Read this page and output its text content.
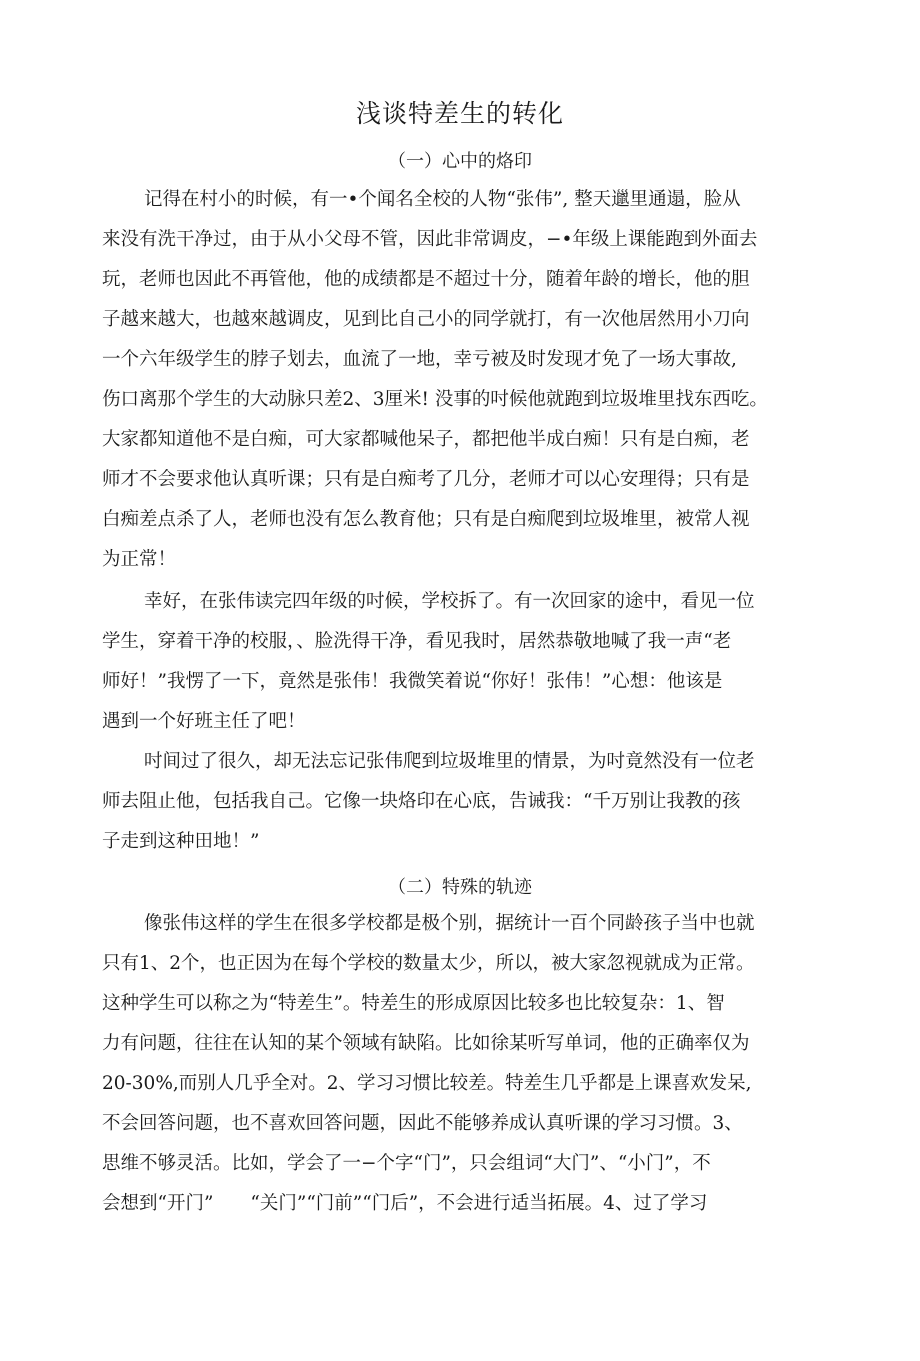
浅谈特差生的转化
（一）心中的烙印

记得在村小的时候，有一•个闻名全校的人物“张伟”, 整天邋里通遢，脸从

来没有洗干净过，由于从小父母不管，因此非常调皮，−•年级上课能跑到外面去

玩，老师也因此不再管他，他的成绩都是不超过十分，随着年龄的增长，他的胆

子越来越大，也越來越调皮，见到比自己小的同学就打，有一次他居然用小刀向

一个六年级学生的脖子划去，血流了一地，幸亏被及时发现才免了一场大事故,

伤口离那个学生的大动脉只差2、3厘米! 没事的吋候他就跑到垃圾堆里找东西吃。

大家都知道他不是白痴，可大家都喊他呆子，都把他半成白痴！只有是白痴，老

师才不会要求他认真听课；只有是白痴考了几分，老师才可以心安理得；只有是

白痴差点杀了人，老师也没有怎么教育他；只有是白痴爬到垃圾堆里，被常人视

为正常！

幸好，在张伟读完四年级的吋候，学校拆了。有一次回家的途中，看见一位

学生，穿着干净的校服，、脸洗得干净，看见我时，居然恭敬地喊了我一声“老

师好！”我愣了一下，竟然是张伟！我微笑着说“你好！张伟！”心想：他该是

遇到一个好班主任了吧！

吋间过了很久，却无法忘记张伟爬到垃圾堆里的情景，为吋竟然没有一位老

师去阻止他，包括我自己。它像一块烙印在心底，告诫我：“千万别让我教的孩

子走到这种田地！”

（二）特殊的轨迹

像张伟这样的学生在很多学校都是极个别，据统计一百个同龄孩子当中也就

只有1、2个，也正因为在每个学校的数量太少，所以，被大家忽视就成为正常。

这种学生可以称之为“特差生”。特差生的形成原因比较多也比较复杂：1、智

力有问题，往往在认知的某个领域有缺陷。比如徐某听写单词，他的正确率仅为

20-30%,而别人几乎全对。2、学习习惯比较差。特差生几乎都是上课喜欢发呆,

不会回答问题，也不喜欢回答问题，因此不能够养成认真听课的学习习惯。3、

思维不够灵活。比如，学会了一−个字“门”，只会组词“大门”、“小门”，不

会想到“开门”　　“关门”“门前”“门后”，不会进行适当拓展。4、过了学习
